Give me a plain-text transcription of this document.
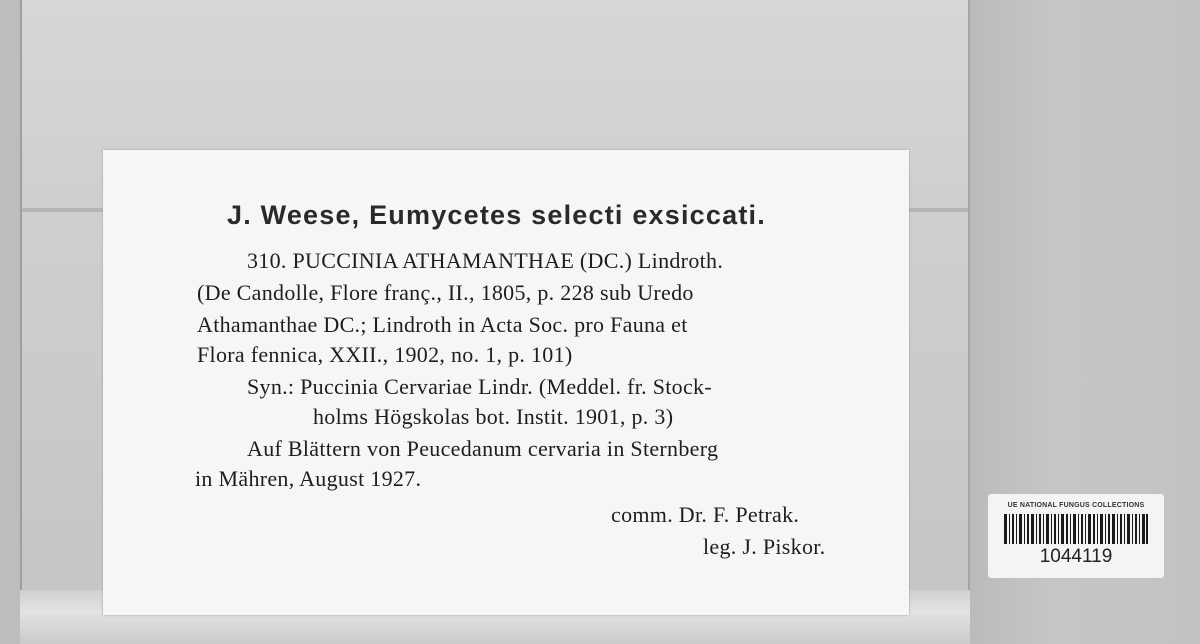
J. Weese, Eumycetes selecti exsiccati.
310. PUCCINIA ATHAMANTHAE (DC.) Lindroth.
(De Candolle, Flore franç., II., 1805, p. 228 sub Uredo
Athamanthae DC.; Lindroth in Acta Soc. pro Fauna et
Flora fennica, XXII., 1902, no. 1, p. 101)
Syn.: Puccinia Cervariae Lindr. (Meddel. fr. Stock-
holms Högskolas bot. Instit. 1901, p. 3)
Auf Blättern von Peucedanum cervaria in Sternberg
in Mähren, August 1927.
comm. Dr. F. Petrak.
leg. J. Piskor.
UE NATIONAL FUNGUS COLLECTIONS
1044119
